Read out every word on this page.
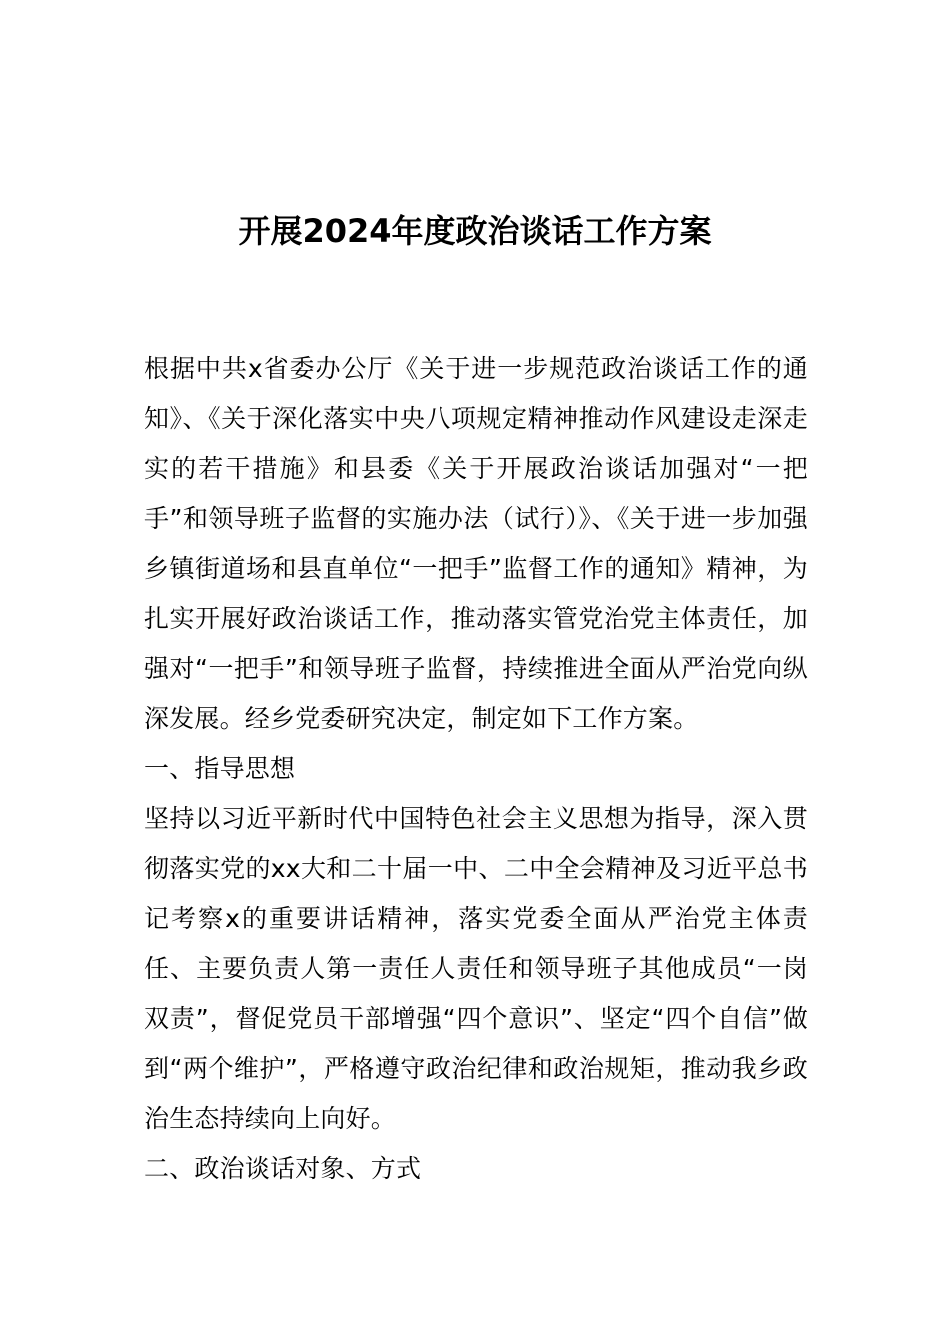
开展2024年度政治谈话工作方案

根据中共x省委办公厅《关于进一步规范政治谈话工作的通知》、《关于深化落实中央八项规定精神推动作风建设走深走实的若干措施》和县委《关于开展政治谈话加强对“一把手”和领导班子监督的实施办法（试行）》、《关于进一步加强乡镇街道场和县直单位“一把手”监督工作的通知》精神，为扎实开展好政治谈话工作，推动落实管党治党主体责任，加强对“一把手”和领导班子监督，持续推进全面从严治党向纵深发展。经乡党委研究决定，制定如下工作方案。

一、指导思想

坚持以习近平新时代中国特色社会主义思想为指导，深入贯彻落实党的xx大和二十届一中、二中全会精神及习近平总书记考察x的重要讲话精神，落实党委全面从严治党主体责任、主要负责人第一责任人责任和领导班子其他成员“一岗双责”，督促党员干部增强“四个意识”、坚定“四个自信”做到“两个维护”，严格遵守政治纪律和政治规矩，推动我乡政治生态持续向上向好。

二、政治谈话对象、方式
